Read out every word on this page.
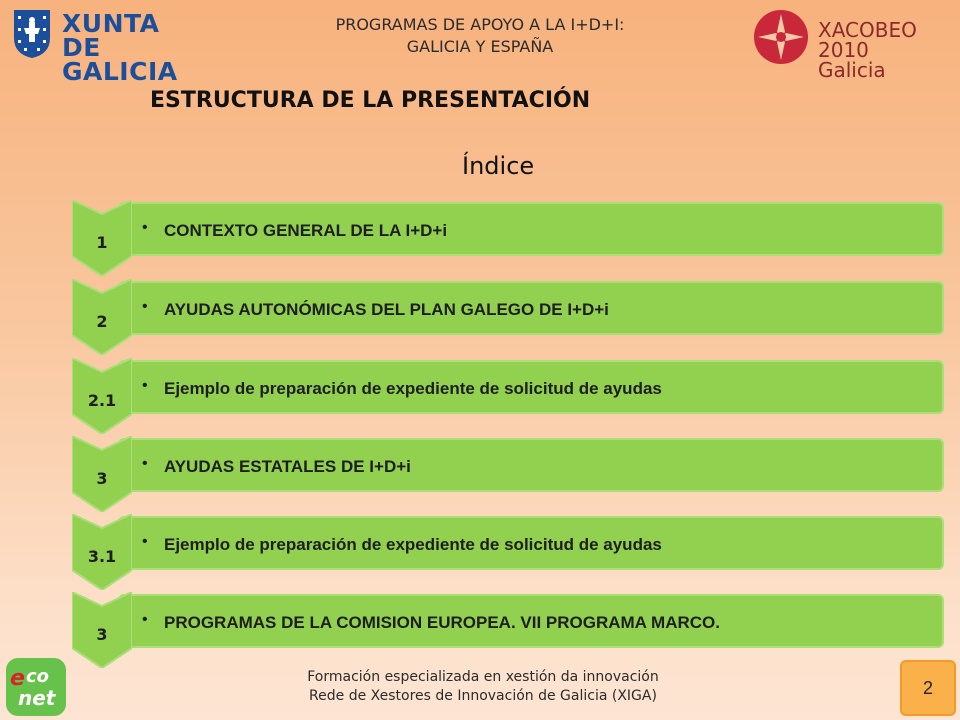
XUNTA
DE GALICIA
PROGRAMAS DE APOYO A LA I+D+I:
GALICIA Y ESPAÑA
XACOBEO 2010
Galicia
ESTRUCTURA DE LA PRESENTACIÓN
Índice
• CONTEXTO GENERAL DE LA I+D+i
1
• AYUDAS AUTONÓMICAS DEL PLAN GALEGO DE I+D+i
2
• Ejemplo de preparación de expediente de solicitud de ayudas
2.1
• AYUDAS ESTATALES DE I+D+i
3
• Ejemplo de preparación de expediente de solicitud de ayudas
3.1
• PROGRAMAS DE LA COMISION EUROPEA. VII PROGRAMA MARCO.
3
e co
net
Formación especializada en xestión da innovación
Rede de Xestores de Innovación de Galicia (XIGA)	2
